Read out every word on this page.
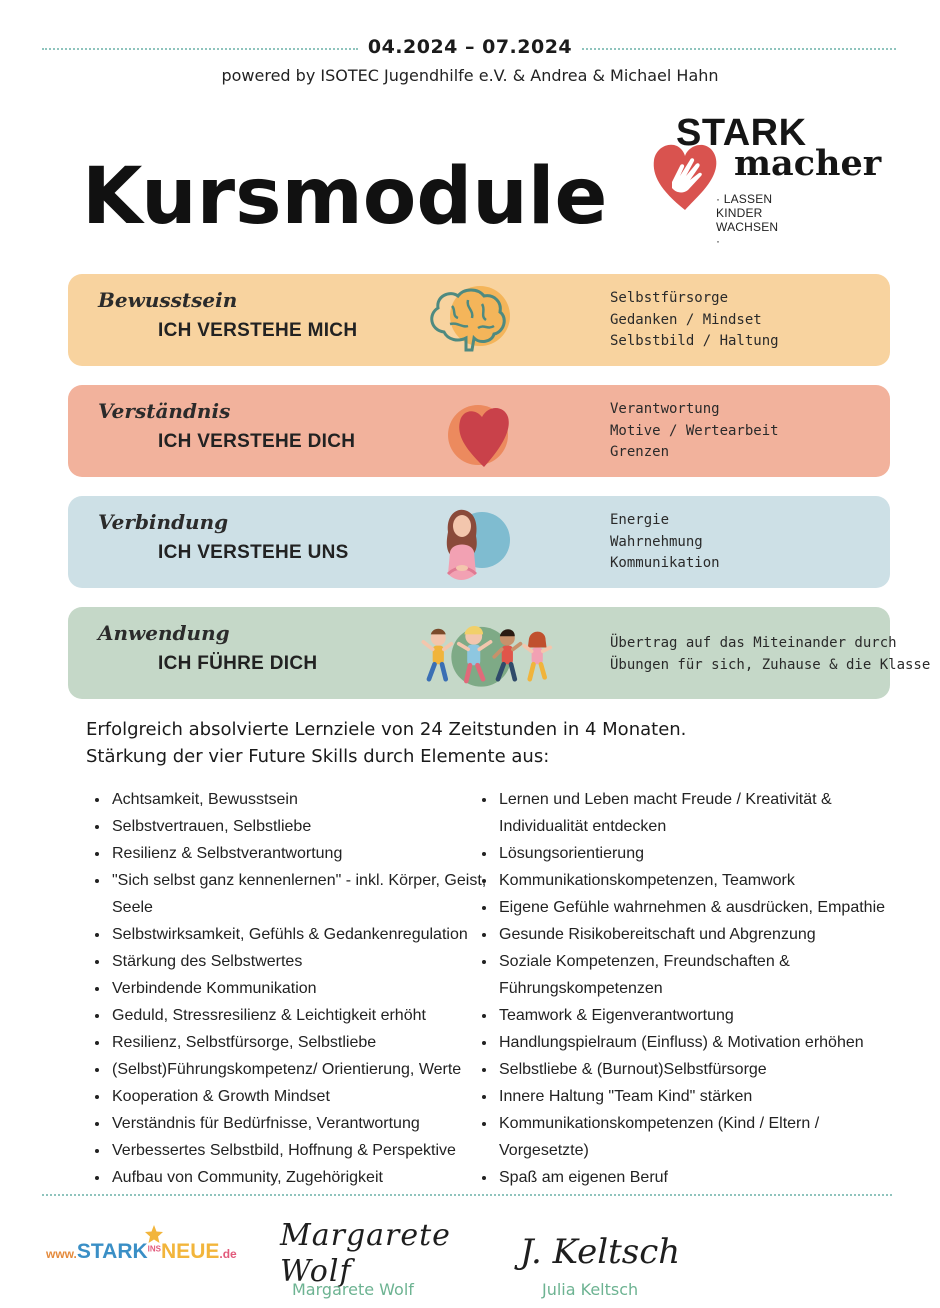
04.2024 – 07.2024
powered by ISOTEC Jugendhilfe e.V. & Andrea & Michael Hahn
Kursmodule
STARK
macher
· LASSEN KINDER WACHSEN ·
Bewusstsein
ICH VERSTEHE MICH
Selbstfürsorge
Gedanken / Mindset
Selbstbild / Haltung
Verständnis
ICH VERSTEHE DICH
Verantwortung
Motive / Wertearbeit
Grenzen
Verbindung
ICH VERSTEHE UNS
Energie
Wahrnehmung
Kommunikation
Anwendung
ICH FÜHRE DICH
Übertrag auf das Miteinander durch
Übungen für sich, Zuhause & die Klasse
Erfolgreich absolvierte Lernziele von 24 Zeitstunden in 4 Monaten.
Stärkung der vier Future Skills durch Elemente aus:
• Achtsamkeit, Bewusstsein
• Selbstvertrauen, Selbstliebe
• Resilienz & Selbstverantwortung
• "Sich selbst ganz kennenlernen" - inkl. Körper, Geist, Seele
• Selbstwirksamkeit, Gefühls & Gedankenregulation
• Stärkung des Selbstwertes
• Verbindende Kommunikation
• Geduld, Stressresilienz & Leichtigkeit erhöht
• Resilienz, Selbstfürsorge, Selbstliebe
• (Selbst)Führungskompetenz/ Orientierung, Werte
• Kooperation & Growth Mindset
• Verständnis für Bedürfnisse, Verantwortung
• Verbessertes Selbstbild, Hoffnung & Perspektive
• Aufbau von Community, Zugehörigkeit
• Lernen und Leben macht Freude / Kreativität & Individualität entdecken
• Lösungsorientierung
• Kommunikationskompetenzen, Teamwork
• Eigene Gefühle wahrnehmen & ausdrücken, Empathie
• Gesunde Risikobereitschaft und Abgrenzung
• Soziale Kompetenzen, Freundschaften & Führungskompetenzen
• Teamwork & Eigenverantwortung
• Handlungspielraum (Einfluss) & Motivation erhöhen
• Selbstliebe & (Burnout)Selbstfürsorge
• Innere Haltung "Team Kind" stärken
• Kommunikationskompetenzen (Kind / Eltern / Vorgesetzte)
• Spaß am eigenen Beruf
$www.STARK^{INS}NEUE.de$
Margarete Wolf
Margarete Wolf
J. Keltsch
Julia Keltsch
